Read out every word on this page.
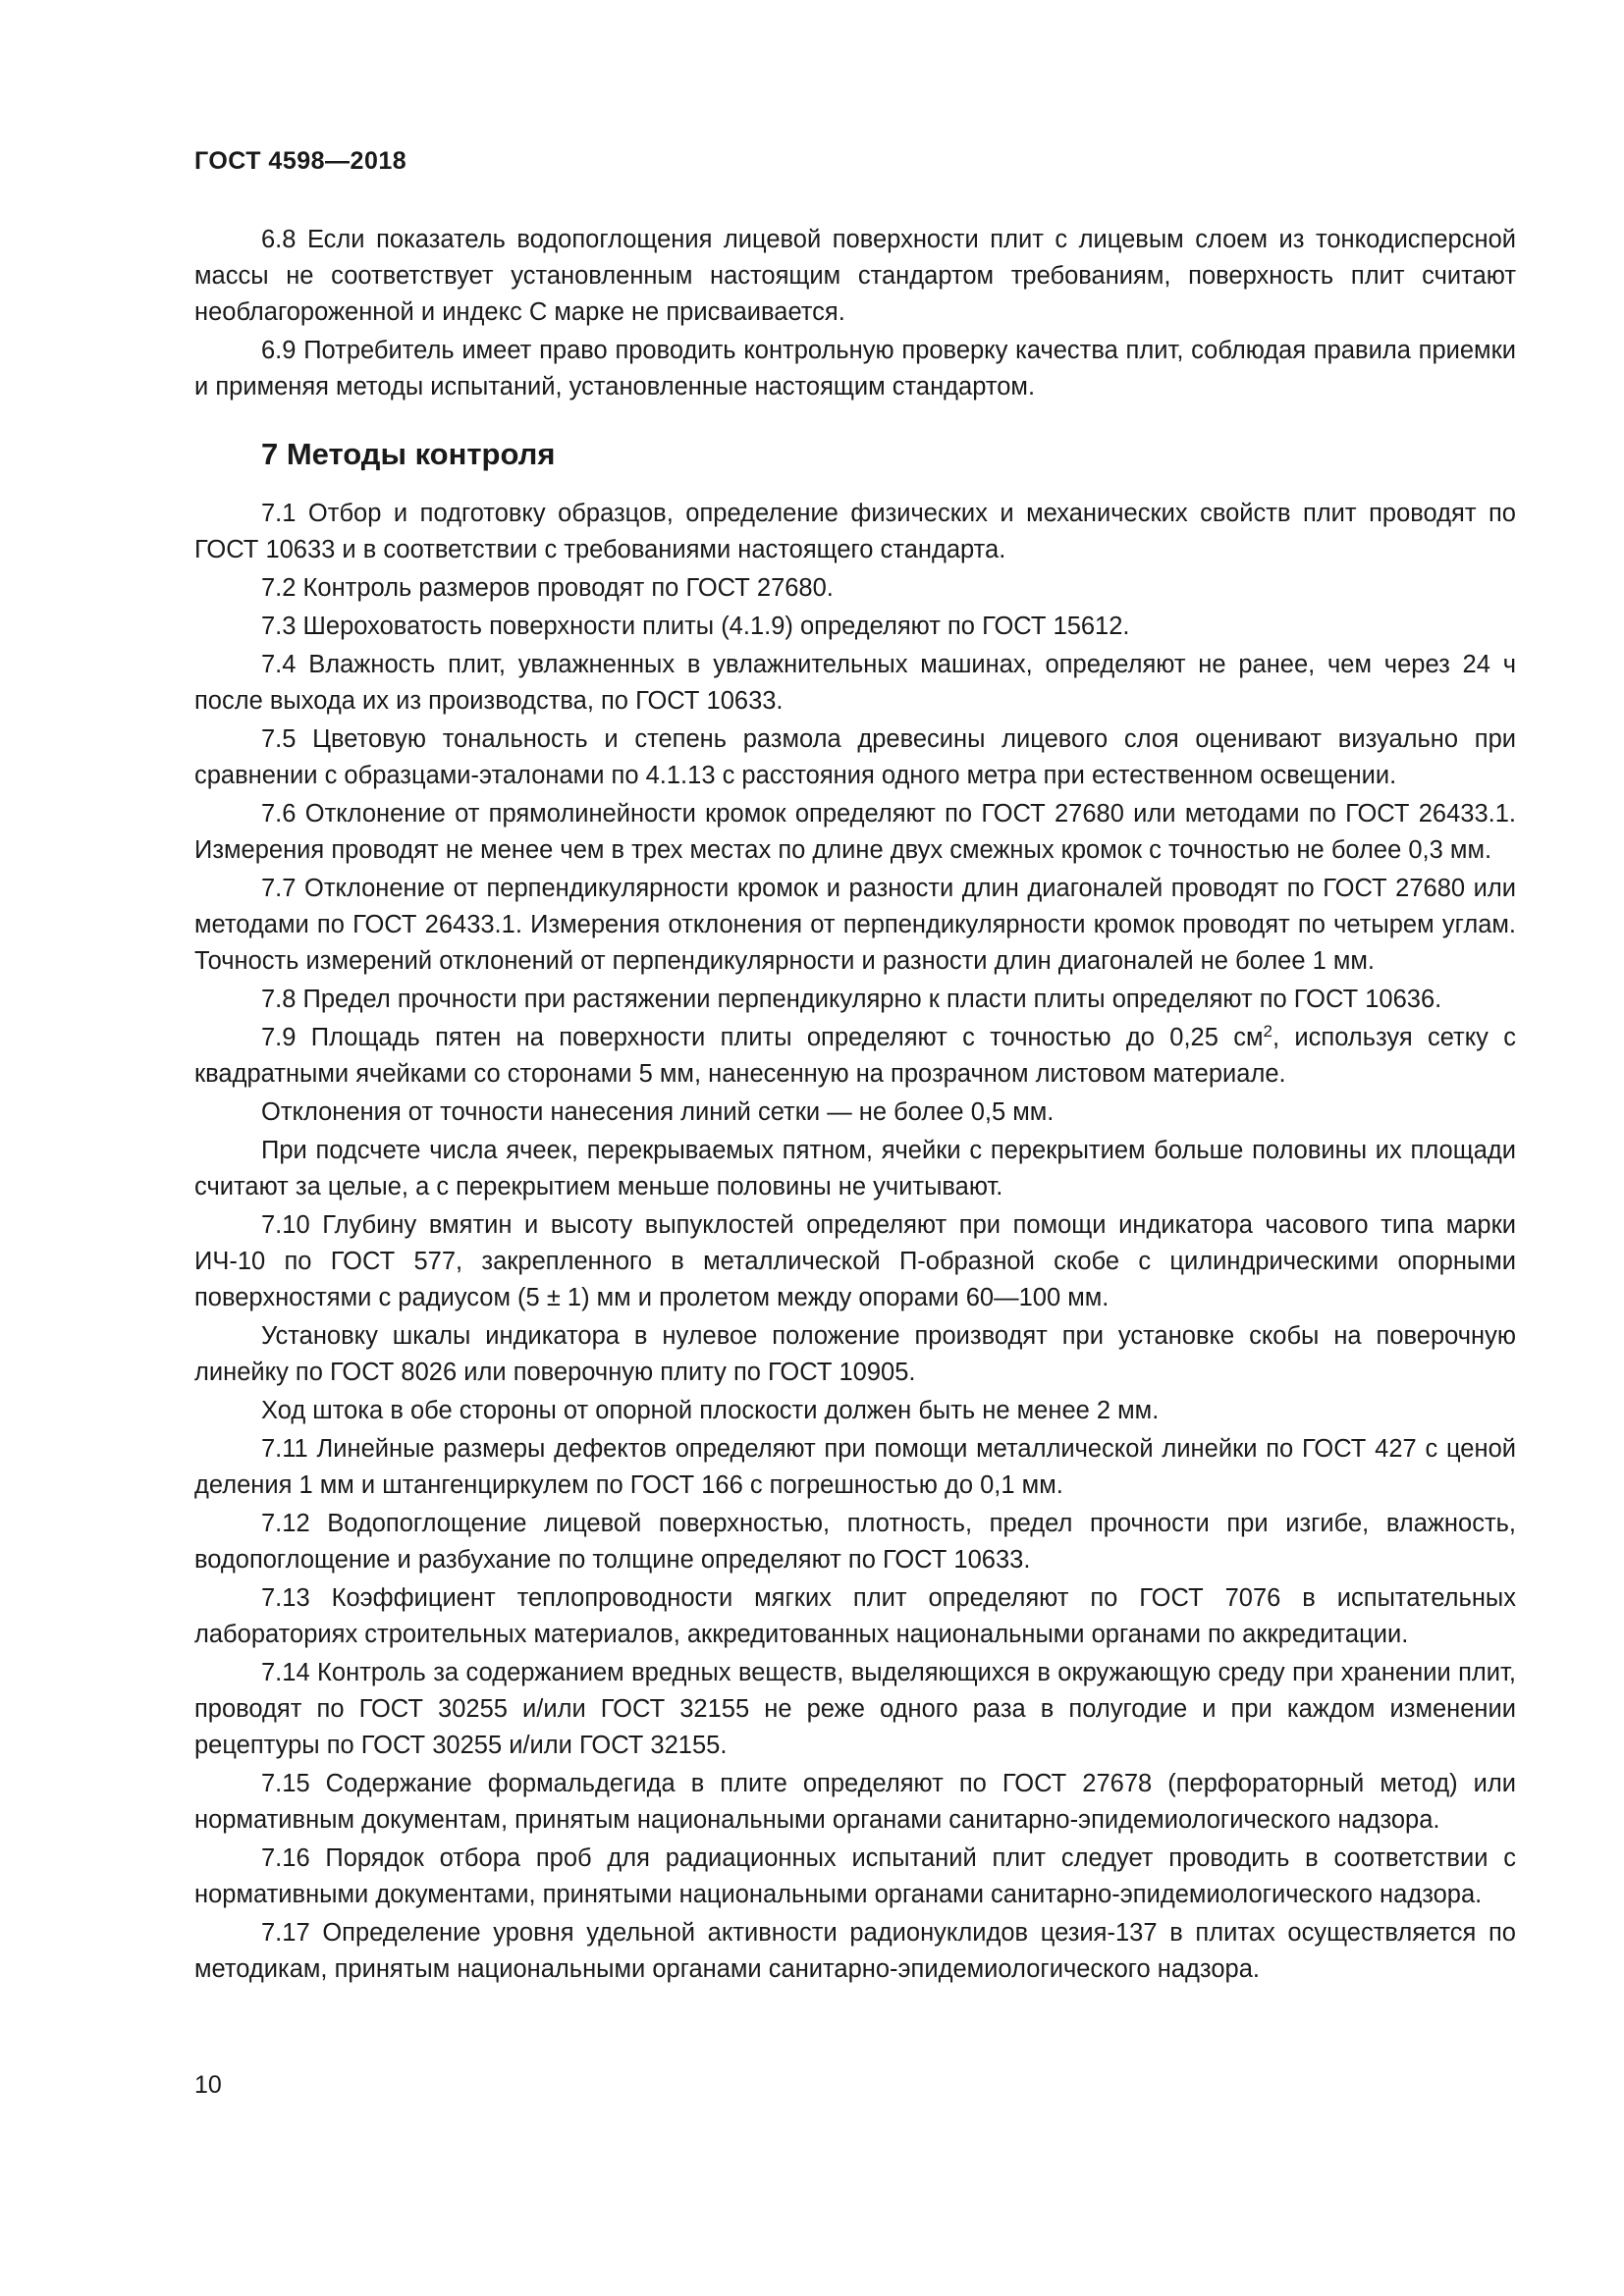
ГОСТ 4598—2018

6.8 Если показатель водопоглощения лицевой поверхности плит с лицевым слоем из тонкодисперсной массы не соответствует установленным настоящим стандартом требованиям, поверхность плит считают необлагороженной и индекс С марке не присваивается.

6.9 Потребитель имеет право проводить контрольную проверку качества плит, соблюдая правила приемки и применяя методы испытаний, установленные настоящим стандартом.

7 Методы контроля

7.1 Отбор и подготовку образцов, определение физических и механических свойств плит проводят по ГОСТ 10633 и в соответствии с требованиями настоящего стандарта.

7.2 Контроль размеров проводят по ГОСТ 27680.

7.3 Шероховатость поверхности плиты (4.1.9) определяют по ГОСТ 15612.

7.4 Влажность плит, увлажненных в увлажнительных машинах, определяют не ранее, чем через 24 ч после выхода их из производства, по ГОСТ 10633.

7.5 Цветовую тональность и степень размола древесины лицевого слоя оценивают визуально при сравнении с образцами-эталонами по 4.1.13 с расстояния одного метра при естественном освещении.

7.6 Отклонение от прямолинейности кромок определяют по ГОСТ 27680 или методами по ГОСТ 26433.1. Измерения проводят не менее чем в трех местах по длине двух смежных кромок с точностью не более 0,3 мм.

7.7 Отклонение от перпендикулярности кромок и разности длин диагоналей проводят по ГОСТ 27680 или методами по ГОСТ 26433.1. Измерения отклонения от перпендикулярности кромок проводят по четырем углам. Точность измерений отклонений от перпендикулярности и разности длин диагоналей не более 1 мм.

7.8 Предел прочности при растяжении перпендикулярно к пласти плиты определяют по ГОСТ 10636.

7.9 Площадь пятен на поверхности плиты определяют с точностью до 0,25 $см^2$, используя сетку с квадратными ячейками со сторонами 5 мм, нанесенную на прозрачном листовом материале.

Отклонения от точности нанесения линий сетки — не более 0,5 мм.

При подсчете числа ячеек, перекрываемых пятном, ячейки с перекрытием больше половины их площади считают за целые, а с перекрытием меньше половины не учитывают.

7.10 Глубину вмятин и высоту выпуклостей определяют при помощи индикатора часового типа марки ИЧ-10 по ГОСТ 577, закрепленного в металлической П-образной скобе с цилиндрическими опорными поверхностями с радиусом (5 ± 1) мм и пролетом между опорами 60—100 мм.

Установку шкалы индикатора в нулевое положение производят при установке скобы на поверочную линейку по ГОСТ 8026 или поверочную плиту по ГОСТ 10905.

Ход штока в обе стороны от опорной плоскости должен быть не менее 2 мм.

7.11 Линейные размеры дефектов определяют при помощи металлической линейки по ГОСТ 427 с ценой деления 1 мм и штангенциркулем по ГОСТ 166 с погрешностью до 0,1 мм.

7.12 Водопоглощение лицевой поверхностью, плотность, предел прочности при изгибе, влажность, водопоглощение и разбухание по толщине определяют по ГОСТ 10633.

7.13 Коэффициент теплопроводности мягких плит определяют по ГОСТ 7076 в испытательных лабораториях строительных материалов, аккредитованных национальными органами по аккредитации.

7.14 Контроль за содержанием вредных веществ, выделяющихся в окружающую среду при хранении плит, проводят по ГОСТ 30255 и/или ГОСТ 32155 не реже одного раза в полугодие и при каждом изменении рецептуры по ГОСТ 30255 и/или ГОСТ 32155.

7.15 Содержание формальдегида в плите определяют по ГОСТ 27678 (перфораторный метод) или нормативным документам, принятым национальными органами санитарно-эпидемиологического надзора.

7.16 Порядок отбора проб для радиационных испытаний плит следует проводить в соответствии с нормативными документами, принятыми национальными органами санитарно-эпидемиологического надзора.

7.17 Определение уровня удельной активности радионуклидов цезия-137 в плитах осуществляется по методикам, принятым национальными органами санитарно-эпидемиологического надзора.

10
